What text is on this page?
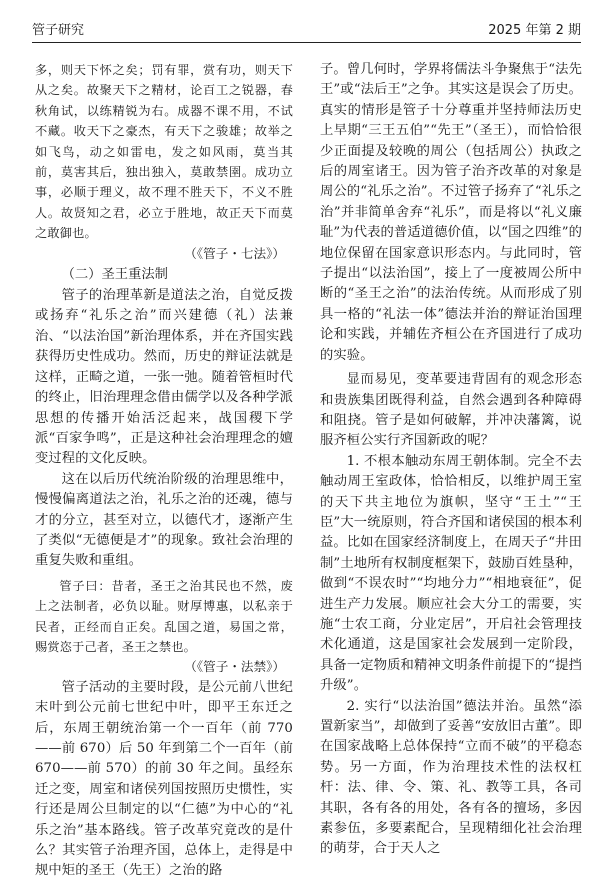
管子研究	2025 年第 2 期

多，则天下怀之矣；罚有罪，赏有功，则天下从之矣。故聚天下之精材，论百工之锐器，春秋角试，以练精锐为右。成器不课不用，不试不藏。收天下之豪杰，有天下之骏雄；故举之如飞鸟，动之如雷电，发之如风雨，莫当其前，莫害其后，独出独入，莫敢禁圉。成功立事，必顺于理义，故不理不胜天下，不义不胜人。故贤知之君，必立于胜地，故正天下而莫之敢御也。

（《管子・七法》）

（二）圣王重法制

管子的治理革新是道法之治，自觉反拨或扬弃“礼乐之治”而兴建德（礼）法兼治、“以法治国”新治理体系，并在齐国实践获得历史性成功。然而，历史的辩证法就是这样，正畸之道，一张一弛。随着管桓时代的终止，旧治理理念借由儒学以及各种学派思想的传播开始活泛起来，战国稷下学派“百家争鸣”，正是这种社会治理理念的嬗变过程的文化反映。

这在以后历代统治阶级的治理思维中，慢慢偏离道法之治，礼乐之治的还魂，德与才的分立，甚至对立，以德代才，逐渐产生了类似“无德便是才”的现象。致社会治理的重复失败和重组。

管子曰：昔者，圣王之治其民也不然，废上之法制者，必负以耻。财厚博惠，以私亲于民者，正经而自正矣。乱国之道，易国之常，赐赏恣于己者，圣王之禁也。

（《管子・法禁》）

管子活动的主要时段，是公元前八世纪末叶到公元前七世纪中叶，即平王东迁之后，东周王朝统治第一个一百年（前 770——前 670）后 50 年到第二个一百年（前 670——前 570）的前 30 年之间。虽经东迁之变，周室和诸侯列国按照历史惯性，实行还是周公旦制定的以“仁德”为中心的“礼乐之治”基本路线。管子改革究竟改的是什么？其实管子治理齐国，总体上，走得是中规中矩的圣王（先王）之治的路

子。曾几何时，学界将儒法斗争聚焦于“法先王”或“法后王”之争。其实这是误会了历史。真实的情形是管子十分尊重并坚持师法历史上早期“三王五伯”“先王”（圣王），而恰恰很少正面提及较晚的周公（包括周公）执政之后的周室诸王。因为管子治齐改革的对象是周公的“礼乐之治”。不过管子扬弃了“礼乐之治”并非简单舍弃“礼乐”，而是将以“礼义廉耻”为代表的普适道德价值，以“国之四维”的地位保留在国家意识形态内。与此同时，管子提出“以法治国”，接上了一度被周公所中断的“圣王之治”的法治传统。从而形成了别具一格的“礼法一体”德法并治的辩证治国理论和实践，并辅佐齐桓公在齐国进行了成功的实验。

显而易见，变革要违背固有的观念形态和贵族集团既得利益，自然会遇到各种障碍和阻挠。管子是如何破解，并冲决藩篱，说服齐桓公实行齐国新政的呢？

1. 不根本触动东周王朝体制。完全不去触动周王室政体，恰恰相反，以维护周王室的天下共主地位为旗帜，坚守“王土”“王臣”大一统原则，符合齐国和诸侯国的根本利益。比如在国家经济制度上，在周天子“井田制”土地所有权制度框架下，鼓励百姓垦种，做到“不误农时”“均地分力”“相地衰征”，促进生产力发展。顺应社会大分工的需要，实施“士农工商，分业定居”，开启社会管理技术化通道，这是国家社会发展到一定阶段，具备一定物质和精神文明条件前提下的“提挡升级”。

2. 实行“以法治国”德法并治。虽然“添置新家当”，却做到了妥善“安放旧古董”。即在国家战略上总体保持“立而不破”的平稳态势。另一方面，作为治理技术性的法权杠杆：法、律、令、策、礼、教等工具，各司其职，各有各的用处，各有各的擅场，多因素参伍，多要素配合，呈现精细化社会治理的萌芽，合于天人之
